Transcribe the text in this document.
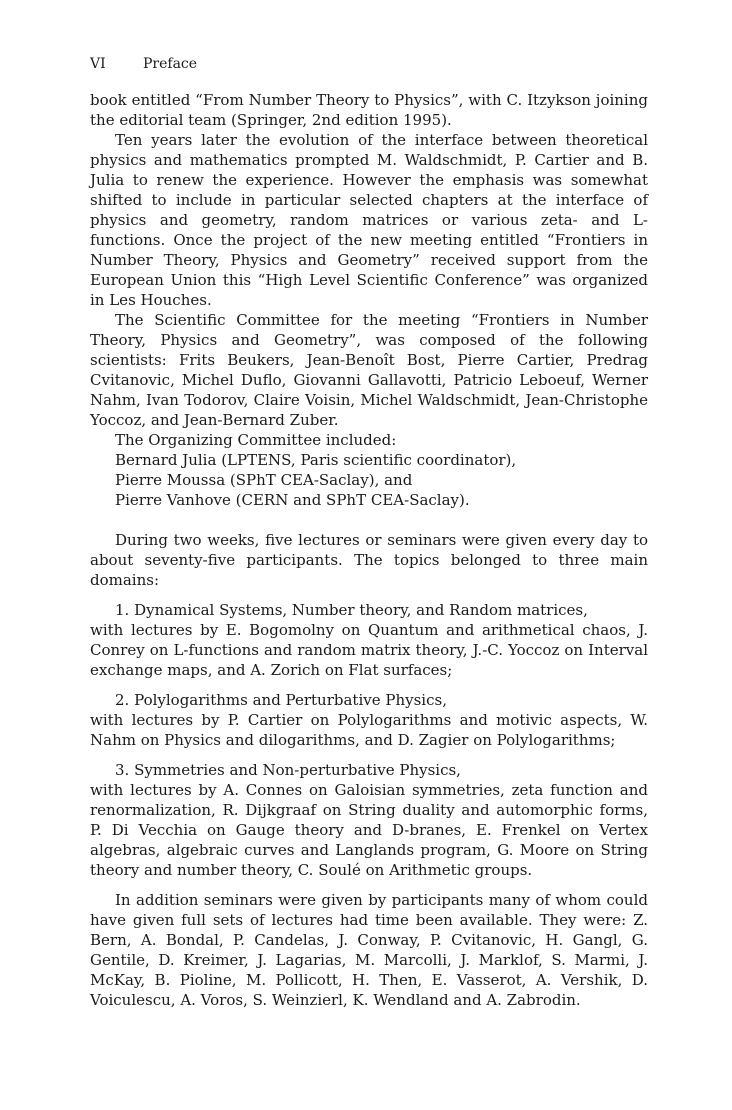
VI	Preface

book entitled “From Number Theory to Physics”, with C. Itzykson joining the editorial team (Springer, 2nd edition 1995).

Ten years later the evolution of the interface between theoretical physics and mathematics prompted M. Waldschmidt, P. Cartier and B. Julia to renew the experience. However the emphasis was somewhat shifted to include in particular selected chapters at the interface of physics and geometry, random matrices or various zeta- and L- functions. Once the project of the new meeting entitled “Frontiers in Number Theory, Physics and Geometry” received support from the European Union this “High Level Scientific Conference” was organized in Les Houches.

The Scientific Committee for the meeting “Frontiers in Number Theory, Physics and Geometry”, was composed of the following scientists: Frits Beukers, Jean-Benoît Bost, Pierre Cartier, Predrag Cvitanovic, Michel Duflo, Giovanni Gallavotti, Patricio Leboeuf, Werner Nahm, Ivan Todorov, Claire Voisin, Michel Waldschmidt, Jean-Christophe Yoccoz, and Jean-Bernard Zuber.

The Organizing Committee included:

Bernard Julia (LPTENS, Paris scientific coordinator),

Pierre Moussa (SPhT CEA-Saclay), and

Pierre Vanhove (CERN and SPhT CEA-Saclay).

During two weeks, five lectures or seminars were given every day to about seventy-five participants. The topics belonged to three main domains:

1. Dynamical Systems, Number theory, and Random matrices,

with lectures by E. Bogomolny on Quantum and arithmetical chaos, J. Conrey on L-functions and random matrix theory, J.-C. Yoccoz on Interval exchange maps, and A. Zorich on Flat surfaces;

2. Polylogarithms and Perturbative Physics,

with lectures by P. Cartier on Polylogarithms and motivic aspects, W. Nahm on Physics and dilogarithms, and D. Zagier on Polylogarithms;

3. Symmetries and Non-perturbative Physics,

with lectures by A. Connes on Galoisian symmetries, zeta function and renormalization, R. Dijkgraaf on String duality and automorphic forms, P. Di Vecchia on Gauge theory and D-branes, E. Frenkel on Vertex algebras, algebraic curves and Langlands program, G. Moore on String theory and number theory, C. Soulé on Arithmetic groups.

In addition seminars were given by participants many of whom could have given full sets of lectures had time been available. They were: Z. Bern, A. Bondal, P. Candelas, J. Conway, P. Cvitanovic, H. Gangl, G. Gentile, D. Kreimer, J. Lagarias, M. Marcolli, J. Marklof, S. Marmi, J. McKay, B. Pioline, M. Pollicott, H. Then, E. Vasserot, A. Vershik, D. Voiculescu, A. Voros, S. Weinzierl, K. Wendland and A. Zabrodin.
